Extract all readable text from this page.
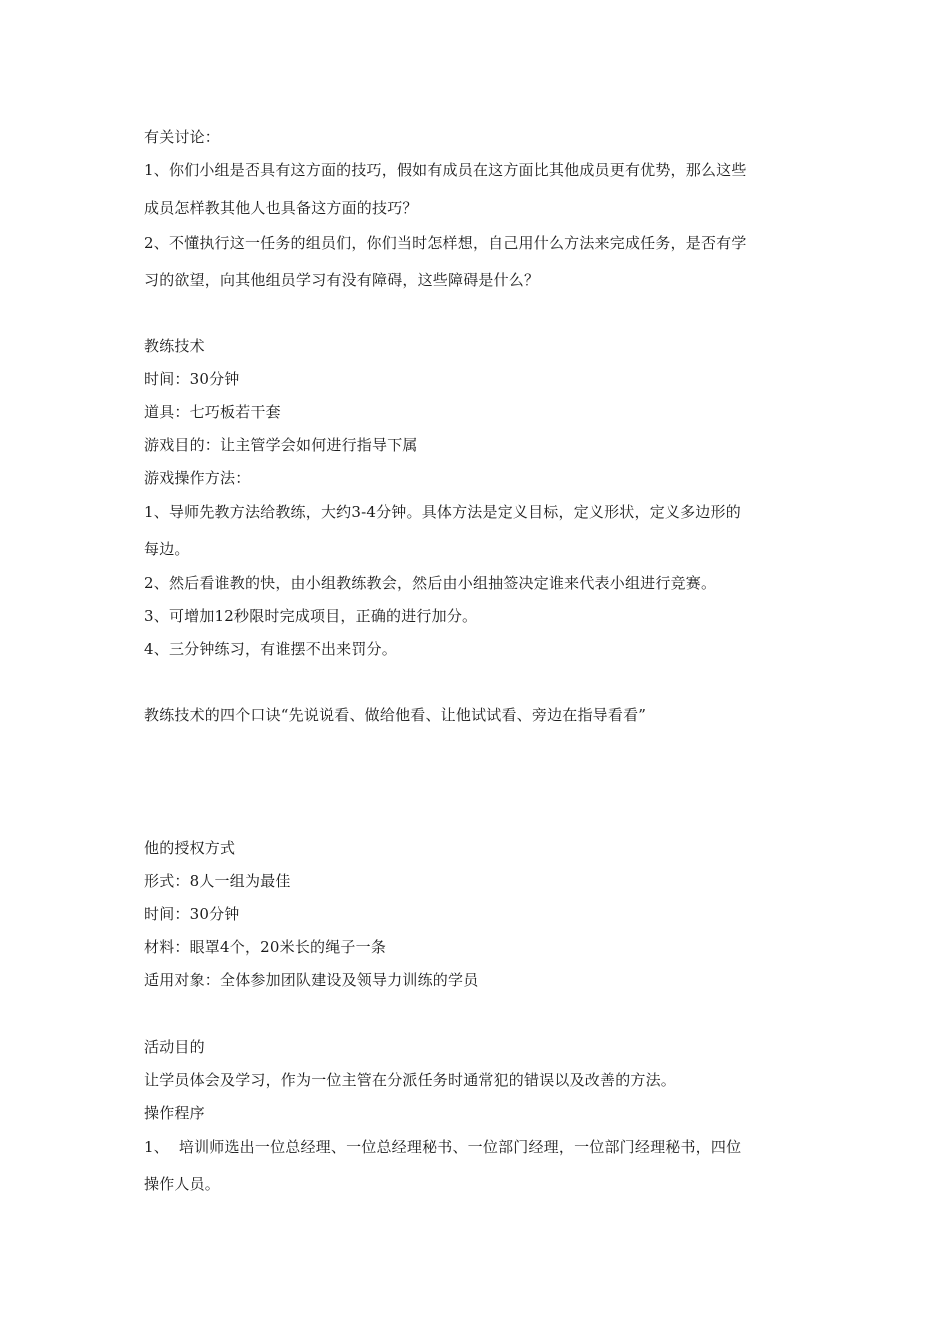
有关讨论：
1、你们小组是否具有这方面的技巧，假如有成员在这方面比其他成员更有优势，那么这些
成员怎样教其他人也具备这方面的技巧？
2、不懂执行这一任务的组员们，你们当时怎样想，自己用什么方法来完成任务，是否有学
习的欲望，向其他组员学习有没有障碍，这些障碍是什么？
教练技术
时间：30分钟
道具：七巧板若干套
游戏目的：让主管学会如何进行指导下属
游戏操作方法：
1、导师先教方法给教练，大约3-4分钟。具体方法是定义目标，定义形状，定义多边形的
每边。
2、然后看谁教的快，由小组教练教会，然后由小组抽签决定谁来代表小组进行竞赛。
3、可增加12秒限时完成项目，正确的进行加分。
4、三分钟练习，有谁摆不出来罚分。
教练技术的四个口诀“先说说看、做给他看、让他试试看、旁边在指导看看”
他的授权方式
形式：8人一组为最佳
时间：30分钟
材料：眼罩4个，20米长的绳子一条
适用对象：全体参加团队建设及领导力训练的学员
活动目的
让学员体会及学习，作为一位主管在分派任务时通常犯的错误以及改善的方法。
操作程序
1、  培训师选出一位总经理、一位总经理秘书、一位部门经理，一位部门经理秘书，四位
操作人员。
